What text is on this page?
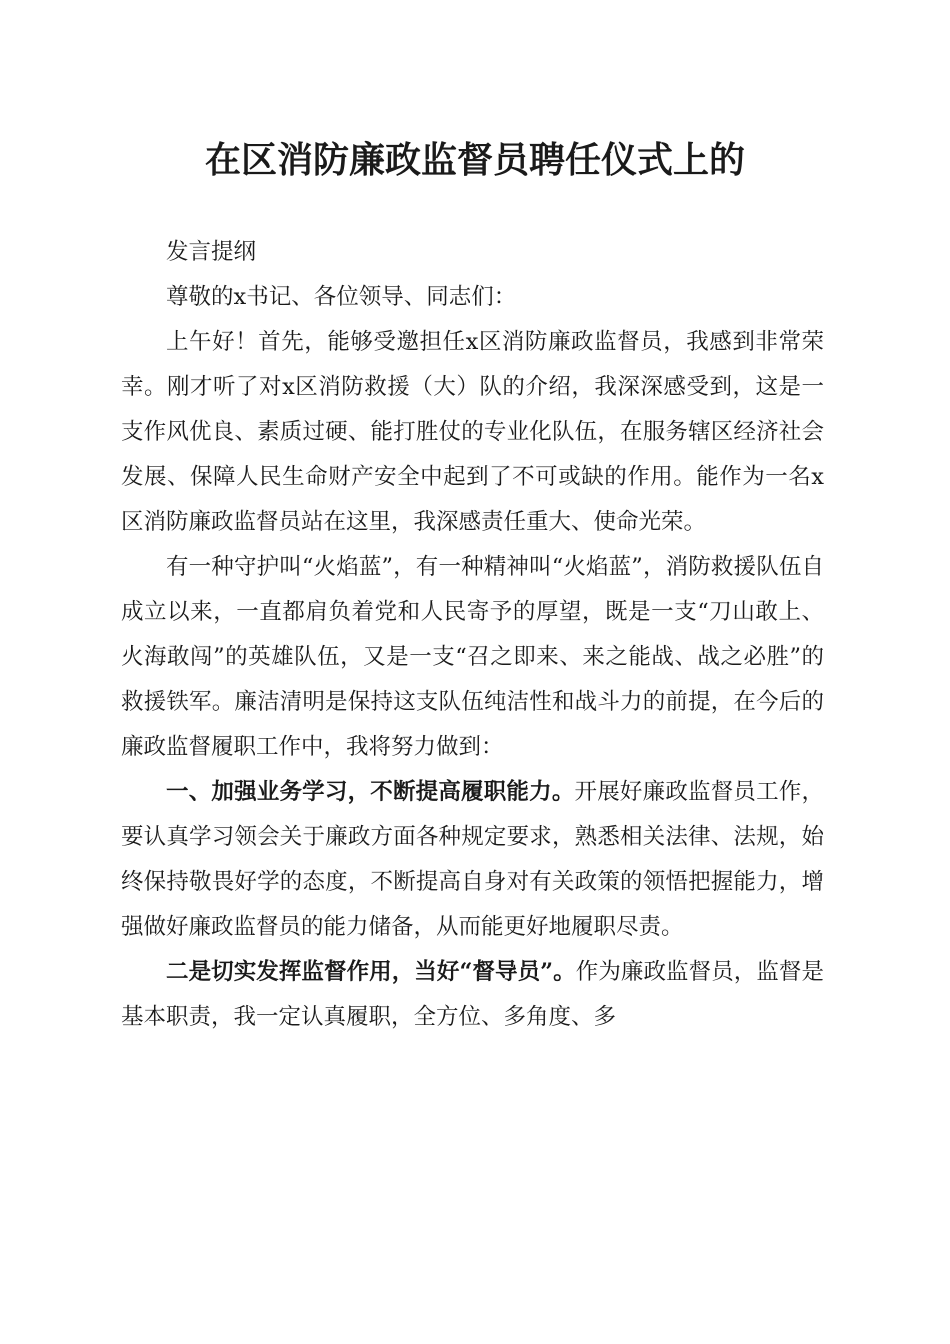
在区消防廉政监督员聘任仪式上的

发言提纲

尊敬的x书记、各位领导、同志们：

上午好！首先，能够受邀担任x区消防廉政监督员，我感到非常荣幸。刚才听了对x区消防救援（大）队的介绍，我深深感受到，这是一支作风优良、素质过硬、能打胜仗的专业化队伍，在服务辖区经济社会发展、保障人民生命财产安全中起到了不可或缺的作用。能作为一名x区消防廉政监督员站在这里，我深感责任重大、使命光荣。

有一种守护叫“火焰蓝”，有一种精神叫“火焰蓝”，消防救援队伍自成立以来，一直都肩负着党和人民寄予的厚望，既是一支“刀山敢上、火海敢闯”的英雄队伍，又是一支“召之即来、来之能战、战之必胜”的救援铁军。廉洁清明是保持这支队伍纯洁性和战斗力的前提，在今后的廉政监督履职工作中，我将努力做到：

一、加强业务学习，不断提高履职能力。开展好廉政监督员工作，要认真学习领会关于廉政方面各种规定要求，熟悉相关法律、法规，始终保持敬畏好学的态度，不断提高自身对有关政策的领悟把握能力，增强做好廉政监督员的能力储备，从而能更好地履职尽责。

二是切实发挥监督作用，当好“督导员”。作为廉政监督员，监督是基本职责，我一定认真履职，全方位、多角度、多
